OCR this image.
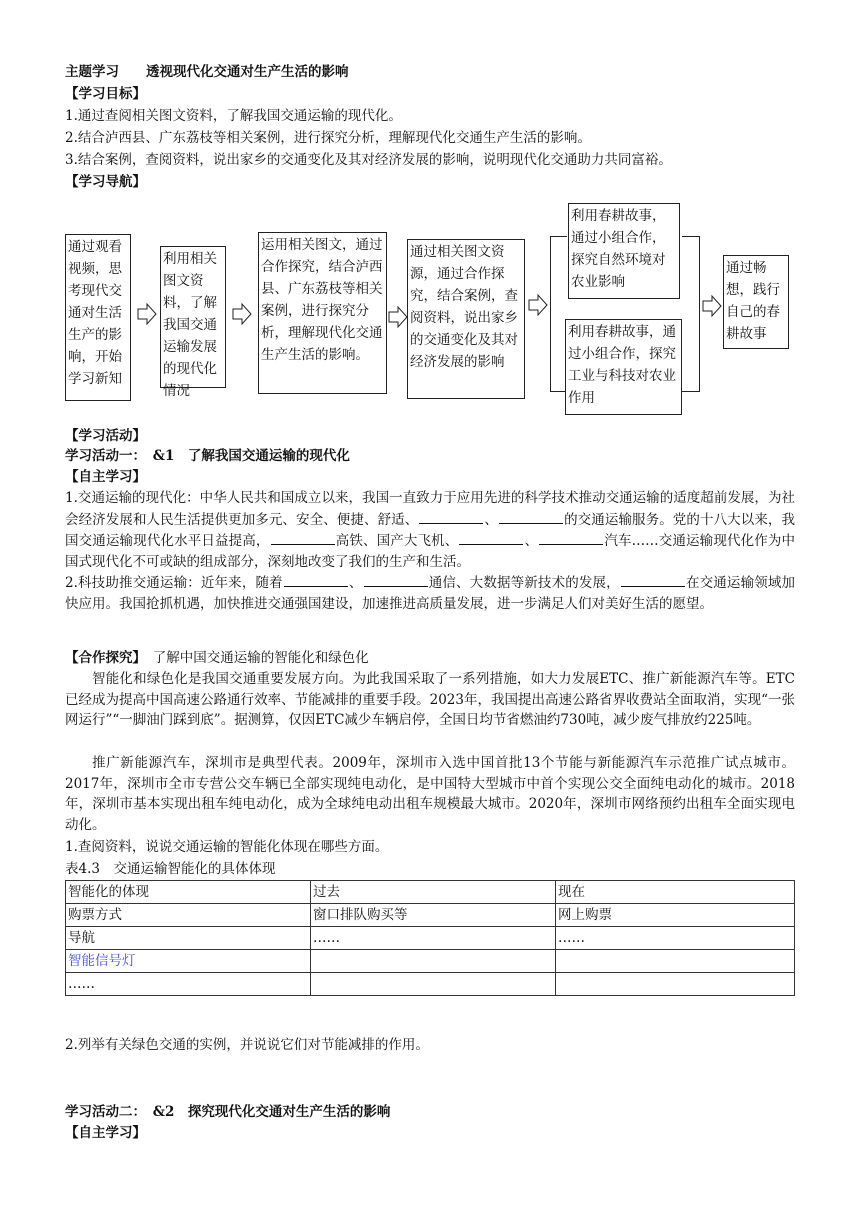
主题学习　　透视现代化交通对生产生活的影响
【学习目标】
1.通过查阅相关图文资料，了解我国交通运输的现代化。
2.结合泸西县、广东荔枝等相关案例，进行探究分析，理解现代化交通生产生活的影响。
3.结合案例，查阅资料，说出家乡的交通变化及其对经济发展的影响，说明现代化交通助力共同富裕。
【学习导航】
通过观看视频，思考现代交通对生活生产的影响，开始学习新知
利用相关图文资料，了解我国交通运输发展的现代化情况
运用相关图文，通过合作探究，结合泸西县、广东荔枝等相关案例，进行探究分析，理解现代化交通生产生活的影响。
通过相关图文资源，通过合作探究，结合案例，查阅资料，说出家乡的交通变化及其对经济发展的影响
利用春耕故事，通过小组合作，探究自然环境对农业影响
利用春耕故事，通过小组合作，探究工业与科技对农业作用
通过畅想，践行自己的春耕故事
【学习活动】
学习活动一：　&1　了解我国交通运输的现代化
【自主学习】
1.交通运输的现代化：中华人民共和国成立以来，我国一直致力于应用先进的科学技术推动交通运输的适度超前发展，为社会经济发展和人民生活提供更加多元、安全、便捷、舒适、	、	的交通运输服务。党的十八大以来，我国交通运输现代化水平日益提高，	高铁、国产大飞机、	、	汽车……交通运输现代化作为中国式现代化不可或缺的组成部分，深刻地改变了我们的生产和生活。
2.科技助推交通运输：近年来，随着	、	通信、大数据等新技术的发展，	在交通运输领域加快应用。我国抢抓机遇，加快推进交通强国建设，加速推进高质量发展，进一步满足人们对美好生活的愿望。
【合作探究】　了解中国交通运输的智能化和绿色化
智能化和绿色化是我国交通重要发展方向。为此我国采取了一系列措施，如大力发展ETC、推广新能源汽车等。ETC已经成为提高中国高速公路通行效率、节能减排的重要手段。2023年，我国提出高速公路省界收费站全面取消，实现“一张网运行”“一脚油门踩到底”。据测算，仅因ETC减少车辆启停，全国日均节省燃油约730吨，减少废气排放约225吨。
推广新能源汽车，深圳市是典型代表。2009年，深圳市入选中国首批13个节能与新能源汽车示范推广试点城市。2017年，深圳市全市专营公交车辆已全部实现纯电动化，是中国特大型城市中首个实现公交全面纯电动化的城市。2018年，深圳市基本实现出租车纯电动化，成为全球纯电动出租车规模最大城市。2020年，深圳市网络预约出租车全面实现电动化。
1.查阅资料，说说交通运输的智能化体现在哪些方面。
表4.3　交通运输智能化的具体体现
智能化的体现	过去	现在
购票方式	窗口排队购买等	网上购票
导航	……	……
智能信号灯		
……		
2.列举有关绿色交通的实例，并说说它们对节能减排的作用。
学习活动二：　&2　探究现代化交通对生产生活的影响
【自主学习】
